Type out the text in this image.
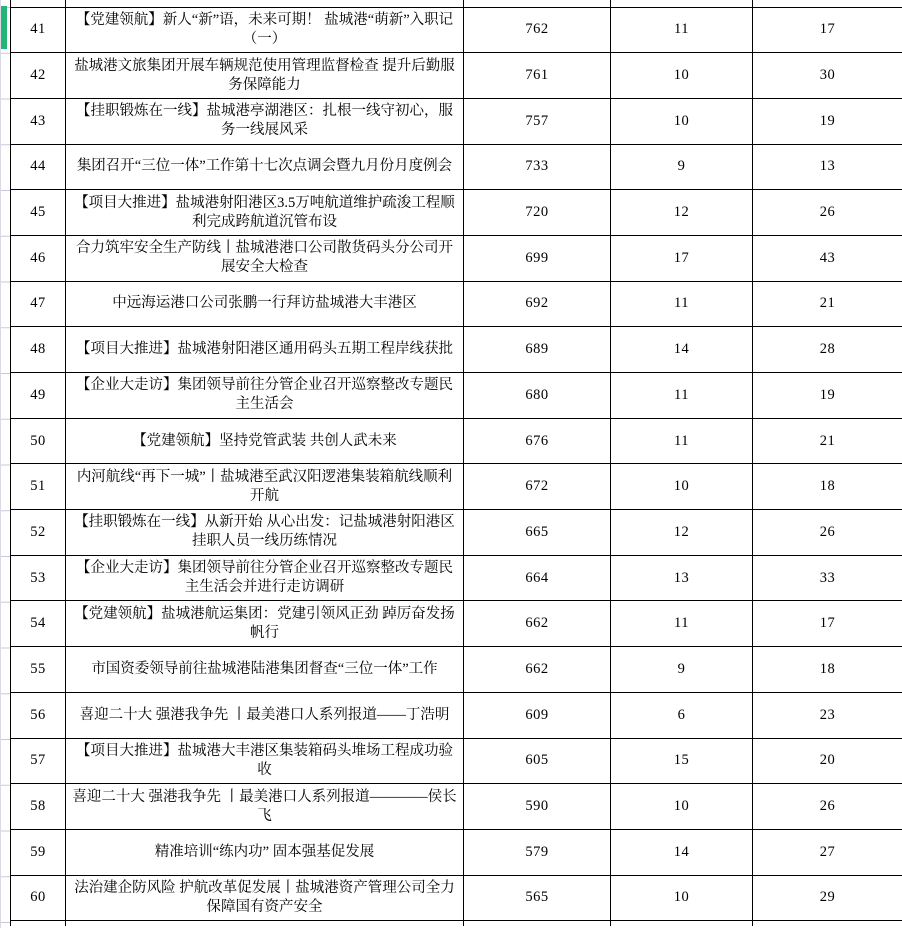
41	【党建领航】新人“新”语，未来可期！ 盐城港“萌新”入职记（一）	762	11	17
42	盐城港文旅集团开展车辆规范使用管理监督检查 提升后勤服务保障能力	761	10	30
43	【挂职锻炼在一线】盐城港亭湖港区：扎根一线守初心，服务一线展风采	757	10	19
44	集团召开“三位一体”工作第十七次点调会暨九月份月度例会	733	9	13
45	【项目大推进】盐城港射阳港区3.5万吨航道维护疏浚工程顺利完成跨航道沉管布设	720	12	26
46	合力筑牢安全生产防线丨盐城港港口公司散货码头分公司开展安全大检查	699	17	43
47	中远海运港口公司张鹏一行拜访盐城港大丰港区	692	11	21
48	【项目大推进】盐城港射阳港区通用码头五期工程岸线获批	689	14	28
49	【企业大走访】集团领导前往分管企业召开巡察整改专题民主生活会	680	11	19
50	【党建领航】坚持党管武装 共创人武未来	676	11	21
51	内河航线“再下一城”丨盐城港至武汉阳逻港集装箱航线顺利开航	672	10	18
52	【挂职锻炼在一线】从新开始 从心出发：记盐城港射阳港区挂职人员一线历练情况	665	12	26
53	【企业大走访】集团领导前往分管企业召开巡察整改专题民主生活会并进行走访调研	664	13	33
54	【党建领航】盐城港航运集团：党建引领风正劲 踔厉奋发扬帆行	662	11	17
55	市国资委领导前往盐城港陆港集团督查“三位一体”工作	662	9	18
56	喜迎二十大 强港我争先 丨最美港口人系列报道——丁浩明	609	6	23
57	【项目大推进】盐城港大丰港区集装箱码头堆场工程成功验收	605	15	20
58	喜迎二十大 强港我争先 丨最美港口人系列报道————侯长飞	590	10	26
59	精准培训“练内功” 固本强基促发展	579	14	27
60	法治建企防风险 护航改革促发展丨盐城港资产管理公司全力保障国有资产安全	565	10	29
